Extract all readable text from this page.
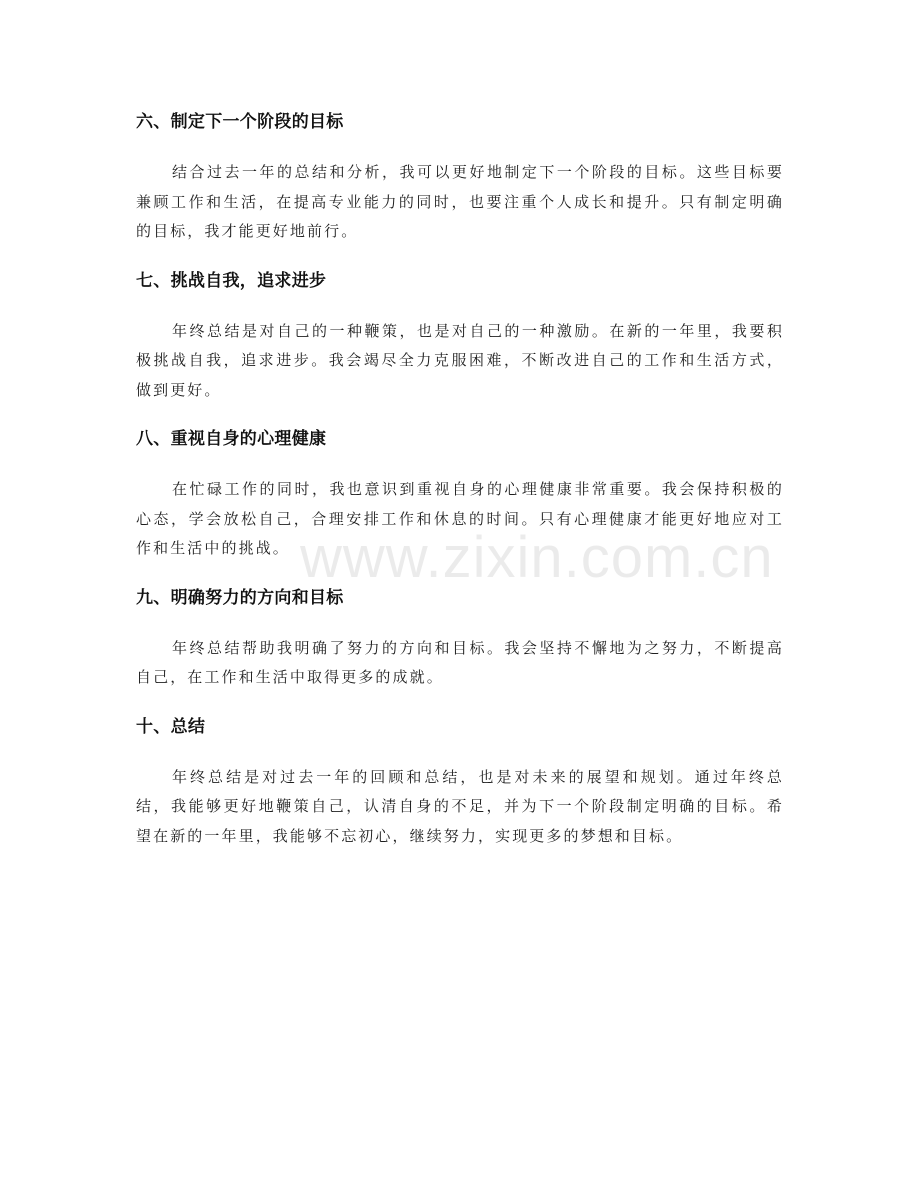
六、制定下一个阶段的目标

结合过去一年的总结和分析，我可以更好地制定下一个阶段的目标。这些目标要兼顾工作和生活，在提高专业能力的同时，也要注重个人成长和提升。只有制定明确的目标，我才能更好地前行。

七、挑战自我，追求进步

年终总结是对自己的一种鞭策，也是对自己的一种激励。在新的一年里，我要积极挑战自我，追求进步。我会竭尽全力克服困难，不断改进自己的工作和生活方式，做到更好。

八、重视自身的心理健康

在忙碌工作的同时，我也意识到重视自身的心理健康非常重要。我会保持积极的心态，学会放松自己，合理安排工作和休息的时间。只有心理健康才能更好地应对工作和生活中的挑战。

九、明确努力的方向和目标

年终总结帮助我明确了努力的方向和目标。我会坚持不懈地为之努力，不断提高自己，在工作和生活中取得更多的成就。

十、总结

年终总结是对过去一年的回顾和总结，也是对未来的展望和规划。通过年终总结，我能够更好地鞭策自己，认清自身的不足，并为下一个阶段制定明确的目标。希望在新的一年里，我能够不忘初心，继续努力，实现更多的梦想和目标。

www.zixin.com.cn
